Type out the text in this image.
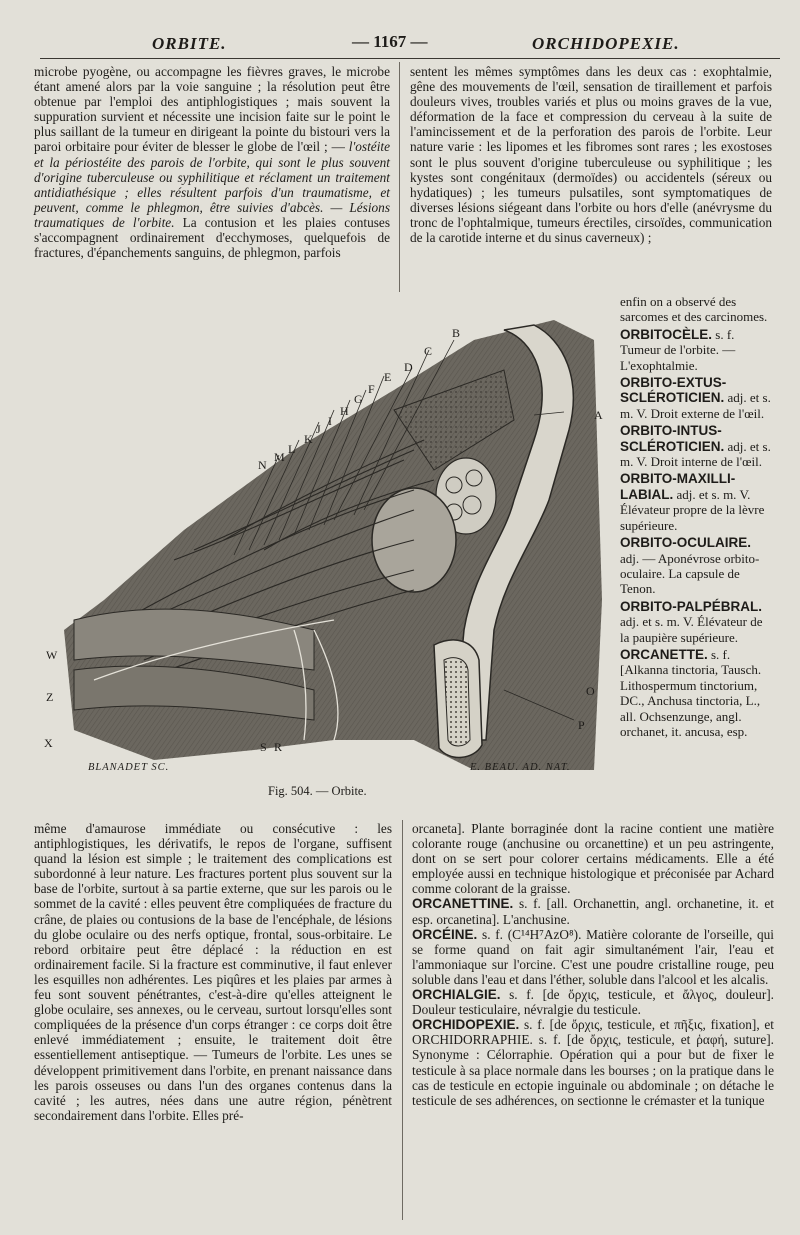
ORBITE.	— 1167 —	ORCHIDOPEXIE.

microbe pyogène, ou accompagne les fièvres graves, le microbe étant amené alors par la voie sanguine ; la résolution peut être obtenue par l'emploi des antiphlogistiques ; mais souvent la suppuration survient et nécessite une incision faite sur le point le plus saillant de la tumeur en dirigeant la pointe du bistouri vers la paroi orbitaire pour éviter de blesser le globe de l'œil ; — l'ostéite et la périostéite des parois de l'orbite, qui sont le plus souvent d'origine tuberculeuse ou syphilitique et réclament un traitement antidiathésique ; elles résultent parfois d'un traumatisme, et peuvent, comme le phlegmon, être suivies d'abcès. — Lésions traumatiques de l'orbite. La contusion et les plaies contuses s'accompagnent ordinairement d'ecchymoses, quelquefois de fractures, d'épanchements sanguins, de phlegmon, parfois

sentent les mêmes symptômes dans les deux cas : exophtalmie, gêne des mouvements de l'œil, sensation de tiraillement et parfois douleurs vives, troubles variés et plus ou moins graves de la vue, déformation de la face et compression du cerveau à la suite de l'amincissement et de la perforation des parois de l'orbite. Leur nature varie : les lipomes et les fibromes sont rares ; les exostoses sont le plus souvent d'origine tuberculeuse ou syphilitique ; les kystes sont congénitaux (dermoïdes) ou accidentels (séreux ou hydatiques) ; les tumeurs pulsatiles, sont symptomatiques de diverses lésions siégeant dans l'orbite ou hors d'elle (anévrysme du tronc de l'ophtalmique, tumeurs érectiles, cirsoïdes, communication de la carotide interne et du sinus caverneux) ;

B
A
C
D
E
F
G
H
I
J
K
L
M
N
W
Z
X	S R
O
P
BLANADET SC.	E. BEAU. AD. NAT.
Fig. 504. — Orbite.
enfin on a observé des sarcomes et des carcinomes.
ORBITOCÈLE. s. f. Tumeur de l'orbite. — L'exophtalmie.
ORBITO-EXTUS-SCLÉROTICIEN. adj. et s. m. V. Droit externe de l'œil.
ORBITO-INTUS-SCLÉROTICIEN. adj. et s. m. V. Droit interne de l'œil.
ORBITO-MAXILLI-LABIAL. adj. et s. m. V. Élévateur propre de la lèvre supérieure.
ORBITO-OCULAIRE. adj. — Aponévrose orbito-oculaire. La capsule de Tenon.
ORBITO-PALPÉBRAL. adj. et s. m. V. Élévateur de la paupière supérieure.
ORCANETTE. s. f. [Alkanna tinctoria, Tausch. Lithospermum tinctorium, DC., Anchusa tinctoria, L., all. Ochsenzunge, angl. orchanet, it. ancusa, esp.

même d'amaurose immédiate ou consécutive : les antiphlogistiques, les dérivatifs, le repos de l'organe, suffisent quand la lésion est simple ; le traitement des complications est subordonné à leur nature. Les fractures portent plus souvent sur la base de l'orbite, surtout à sa partie externe, que sur les parois ou le sommet de la cavité : elles peuvent être compliquées de fracture du crâne, de plaies ou contusions de la base de l'encéphale, de lésions du globe oculaire ou des nerfs optique, frontal, sous-orbitaire. Le rebord orbitaire peut être déplacé : la réduction en est ordinairement facile. Si la fracture est comminutive, il faut enlever les esquilles non adhérentes. Les piqûres et les plaies par armes à feu sont souvent pénétrantes, c'est-à-dire qu'elles atteignent le globe oculaire, ses annexes, ou le cerveau, surtout lorsqu'elles sont compliquées de la présence d'un corps étranger : ce corps doit être enlevé immédiatement ; ensuite, le traitement doit être essentiellement antiseptique. — Tumeurs de l'orbite. Les unes se développent primitivement dans l'orbite, en prenant naissance dans les parois osseuses ou dans l'un des organes contenus dans la cavité ; les autres, nées dans une autre région, pénètrent secondairement dans l'orbite. Elles pré-

orcaneta]. Plante borraginée dont la racine contient une matière colorante rouge (anchusine ou orcanettine) et un peu astringente, dont on se sert pour colorer certains médicaments. Elle a été employée aussi en technique histologique et préconisée par Achard comme colorant de la graisse.

ORCANETTINE. s. f. [all. Orchanettin, angl. orchanetine, it. et esp. orcanetina]. L'anchusine.

ORCÉINE. s. f. (C¹⁴H⁷AzO⁸). Matière colorante de l'orseille, qui se forme quand on fait agir simultanément l'air, l'eau et l'ammoniaque sur l'orcine. C'est une poudre cristalline rouge, peu soluble dans l'eau et dans l'éther, soluble dans l'alcool et les alcalis.

ORCHIALGIE. s. f. [de ὄρχις, testicule, et ἄλγος, douleur]. Douleur testiculaire, névralgie du testicule.

ORCHIDOPEXIE. s. f. [de ὄρχις, testicule, et πῆξις, fixation], et ORCHIDORRAPHIE. s. f. [de ὄρχις, testicule, et ῥαφή, suture]. Synonyme : Célorraphie. Opération qui a pour but de fixer le testicule à sa place normale dans les bourses ; on la pratique dans le cas de testicule en ectopie inguinale ou abdominale ; on détache le testicule de ses adhérences, on sectionne le crémaster et la tunique
